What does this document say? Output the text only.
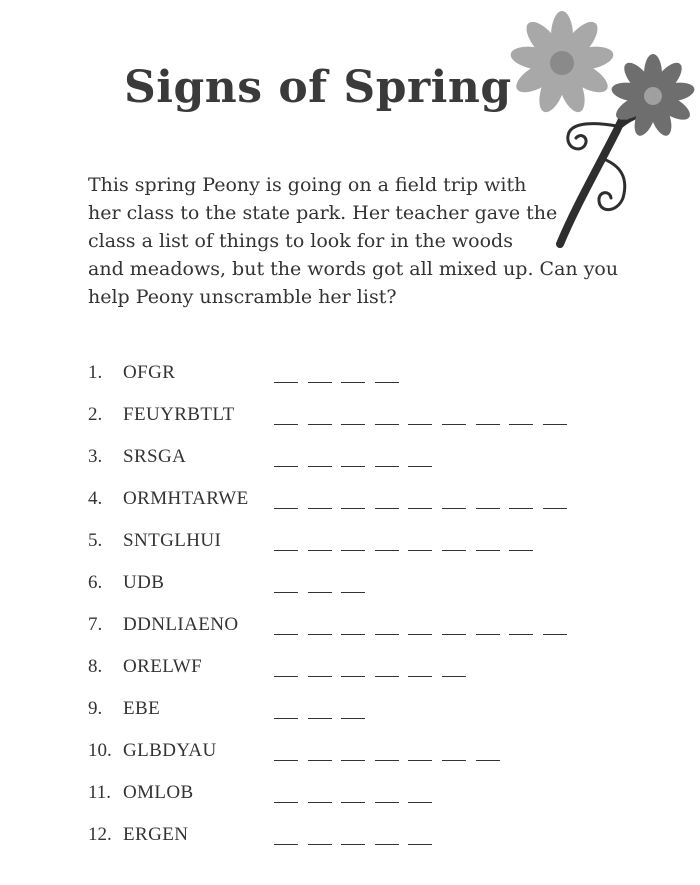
Signs of Spring
This spring Peony is going on a field trip with
her class to the state park. Her teacher gave the
class a list of things to look for in the woods
and meadows, but the words got all mixed up. Can you
help Peony unscramble her list?
1. OFGR
2. FEUYRBTLT
3. SRSGA
4. ORMHTARWE
5. SNTGLHUI
6. UDB
7. DDNLIAENO
8. ORELWF
9. EBE
10. GLBDYAU
11. OMLOB
12. ERGEN
